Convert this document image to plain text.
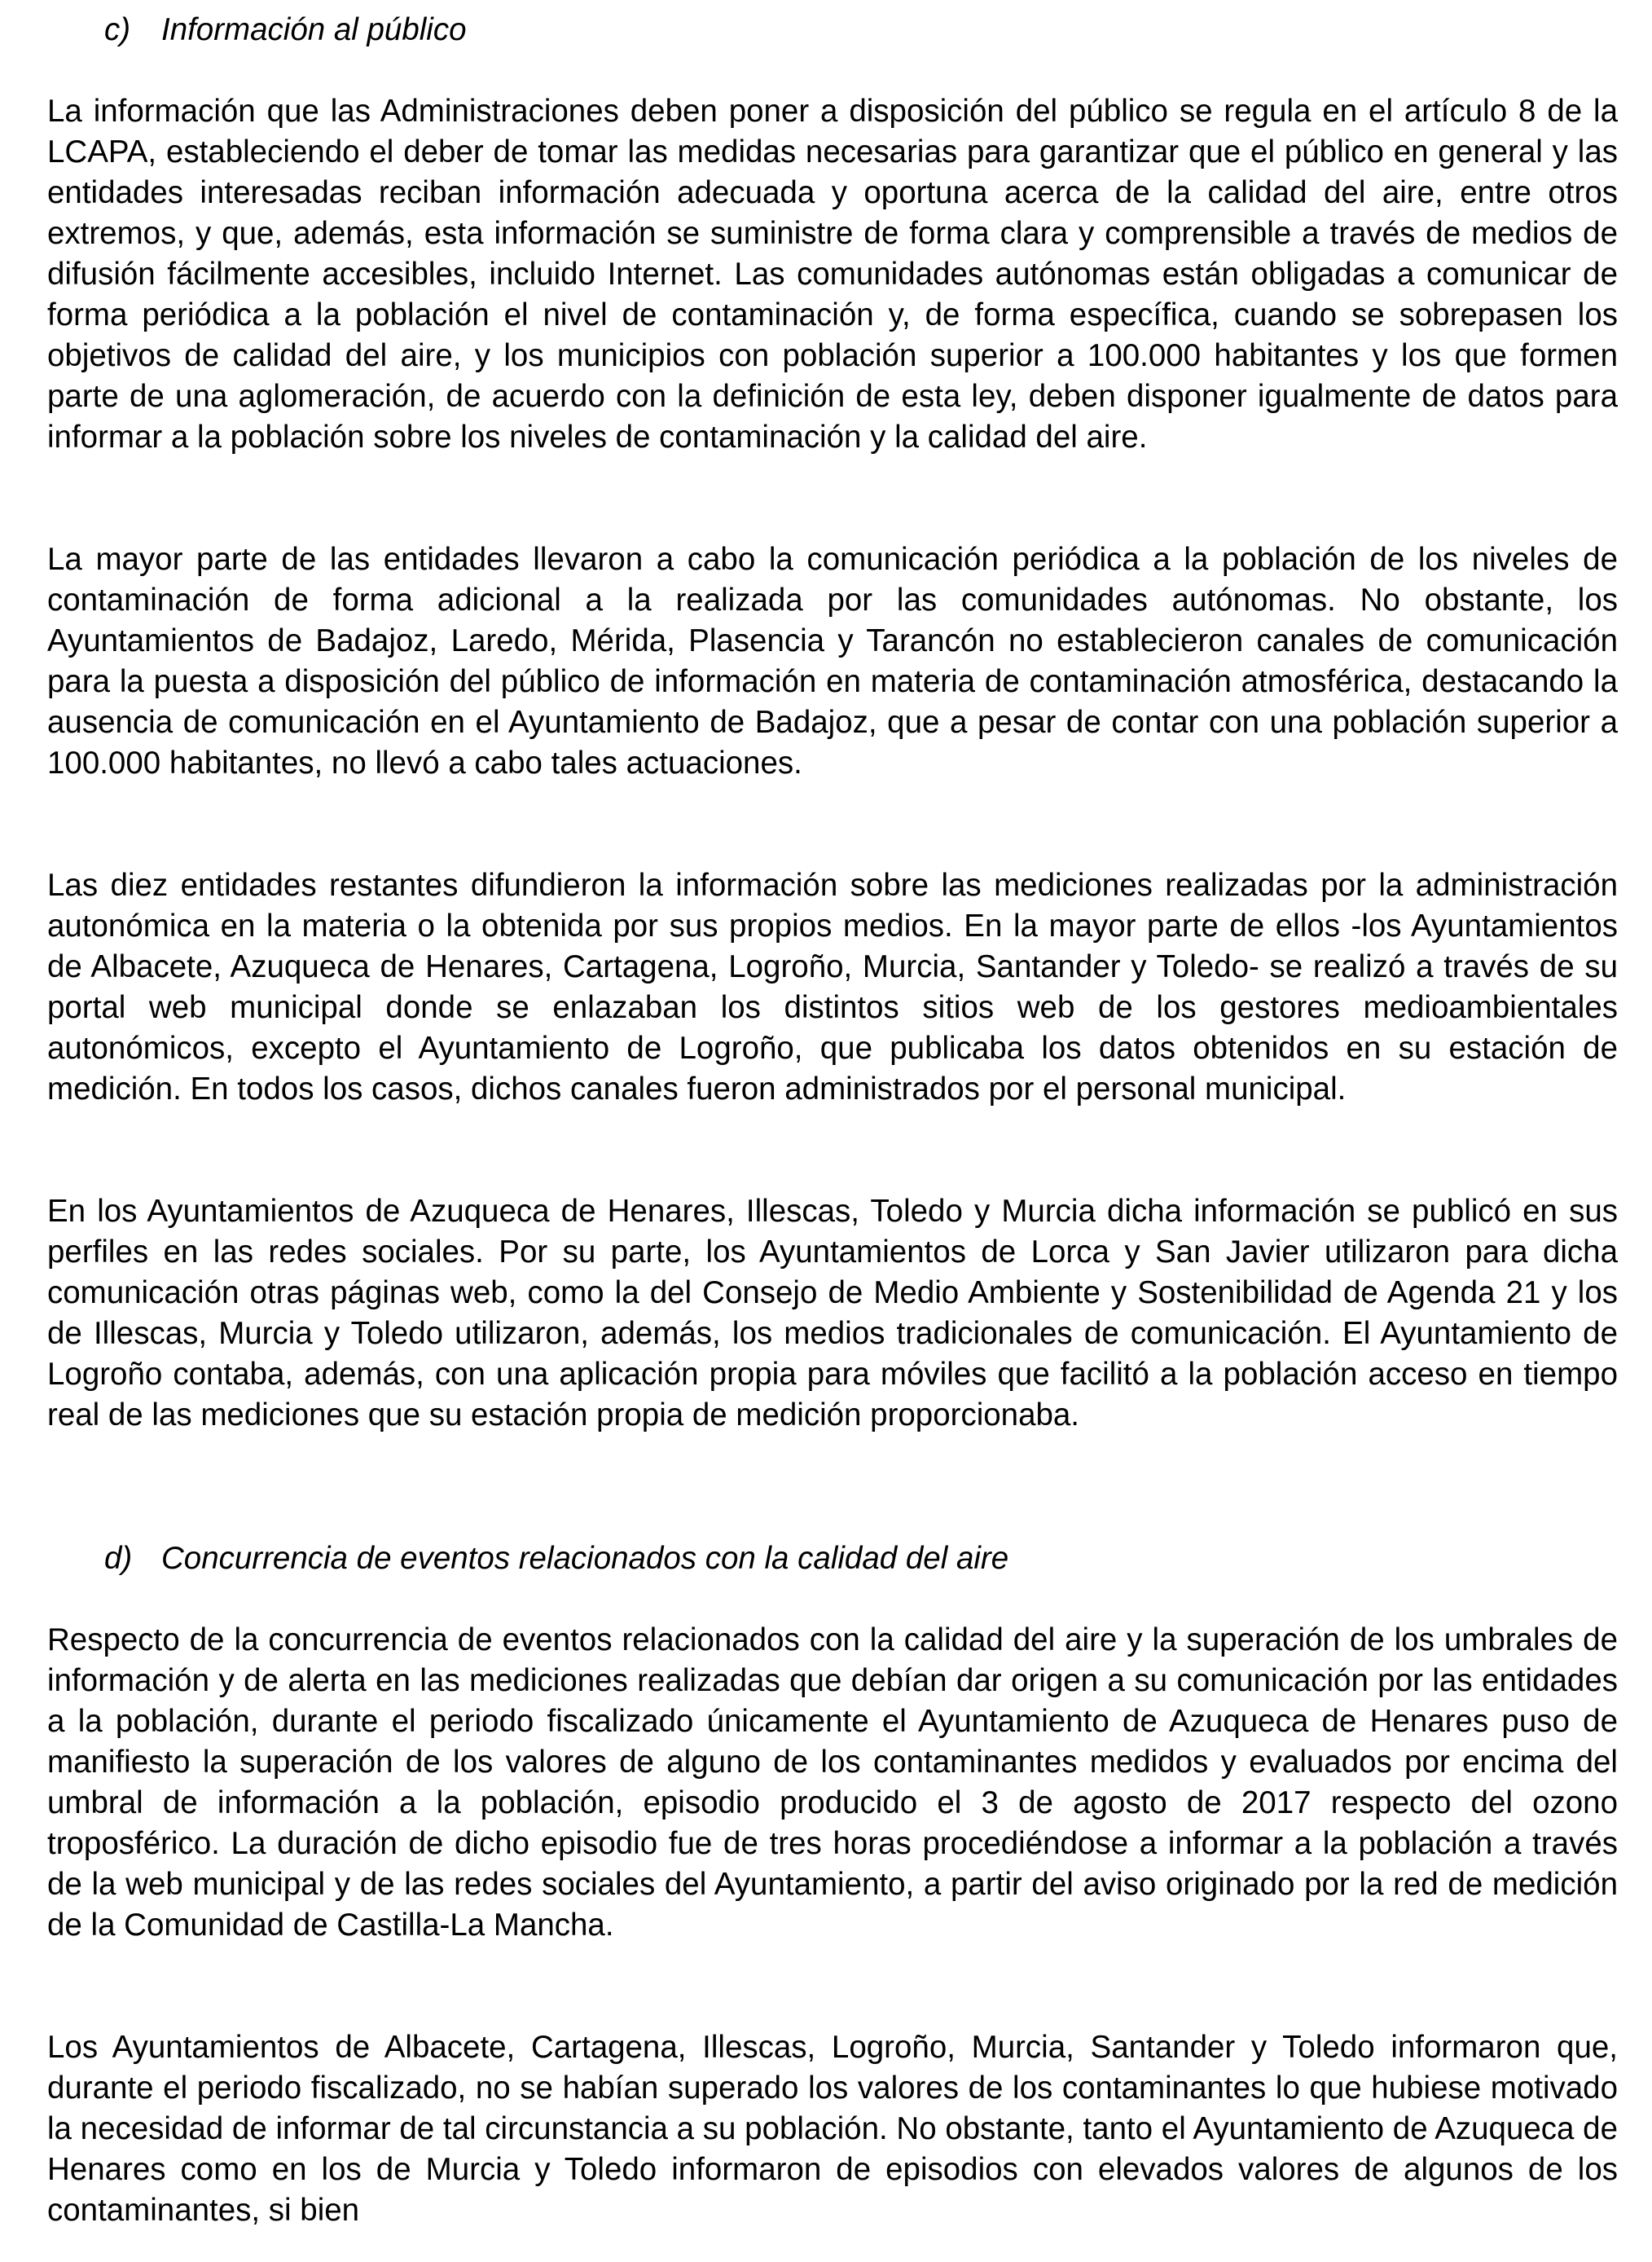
c) Información al público

La información que las Administraciones deben poner a disposición del público se regula en el artículo 8 de la LCAPA, estableciendo el deber de tomar las medidas necesarias para garantizar que el público en general y las entidades interesadas reciban información adecuada y oportuna acerca de la calidad del aire, entre otros extremos, y que, además, esta información se suministre de forma clara y comprensible a través de medios de difusión fácilmente accesibles, incluido Internet. Las comunidades autónomas están obligadas a comunicar de forma periódica a la población el nivel de contaminación y, de forma específica, cuando se sobrepasen los objetivos de calidad del aire, y los municipios con población superior a 100.000 habitantes y los que formen parte de una aglomeración, de acuerdo con la definición de esta ley, deben disponer igualmente de datos para informar a la población sobre los niveles de contaminación y la calidad del aire.

La mayor parte de las entidades llevaron a cabo la comunicación periódica a la población de los niveles de contaminación de forma adicional a la realizada por las comunidades autónomas. No obstante, los Ayuntamientos de Badajoz, Laredo, Mérida, Plasencia y Tarancón no establecieron canales de comunicación para la puesta a disposición del público de información en materia de contaminación atmosférica, destacando la ausencia de comunicación en el Ayuntamiento de Badajoz, que a pesar de contar con una población superior a 100.000 habitantes, no llevó a cabo tales actuaciones.

Las diez entidades restantes difundieron la información sobre las mediciones realizadas por la administración autonómica en la materia o la obtenida por sus propios medios. En la mayor parte de ellos -los Ayuntamientos de Albacete, Azuqueca de Henares, Cartagena, Logroño, Murcia, Santander y Toledo- se realizó a través de su portal web municipal donde se enlazaban los distintos sitios web de los gestores medioambientales autonómicos, excepto el Ayuntamiento de Logroño, que publicaba los datos obtenidos en su estación de medición. En todos los casos, dichos canales fueron administrados por el personal municipal.

En los Ayuntamientos de Azuqueca de Henares, Illescas, Toledo y Murcia dicha información se publicó en sus perfiles en las redes sociales. Por su parte, los Ayuntamientos de Lorca y San Javier utilizaron para dicha comunicación otras páginas web, como la del Consejo de Medio Ambiente y Sostenibilidad de Agenda 21 y los de Illescas, Murcia y Toledo utilizaron, además, los medios tradicionales de comunicación. El Ayuntamiento de Logroño contaba, además, con una aplicación propia para móviles que facilitó a la población acceso en tiempo real de las mediciones que su estación propia de medición proporcionaba.

d) Concurrencia de eventos relacionados con la calidad del aire

Respecto de la concurrencia de eventos relacionados con la calidad del aire y la superación de los umbrales de información y de alerta en las mediciones realizadas que debían dar origen a su comunicación por las entidades a la población, durante el periodo fiscalizado únicamente el Ayuntamiento de Azuqueca de Henares puso de manifiesto la superación de los valores de alguno de los contaminantes medidos y evaluados por encima del umbral de información a la población, episodio producido el 3 de agosto de 2017 respecto del ozono troposférico. La duración de dicho episodio fue de tres horas procediéndose a informar a la población a través de la web municipal y de las redes sociales del Ayuntamiento, a partir del aviso originado por la red de medición de la Comunidad de Castilla-La Mancha.

Los Ayuntamientos de Albacete, Cartagena, Illescas, Logroño, Murcia, Santander y Toledo informaron que, durante el periodo fiscalizado, no se habían superado los valores de los contaminantes lo que hubiese motivado la necesidad de informar de tal circunstancia a su población. No obstante, tanto el Ayuntamiento de Azuqueca de Henares como en los de Murcia y Toledo informaron de episodios con elevados valores de algunos de los contaminantes, si bien
